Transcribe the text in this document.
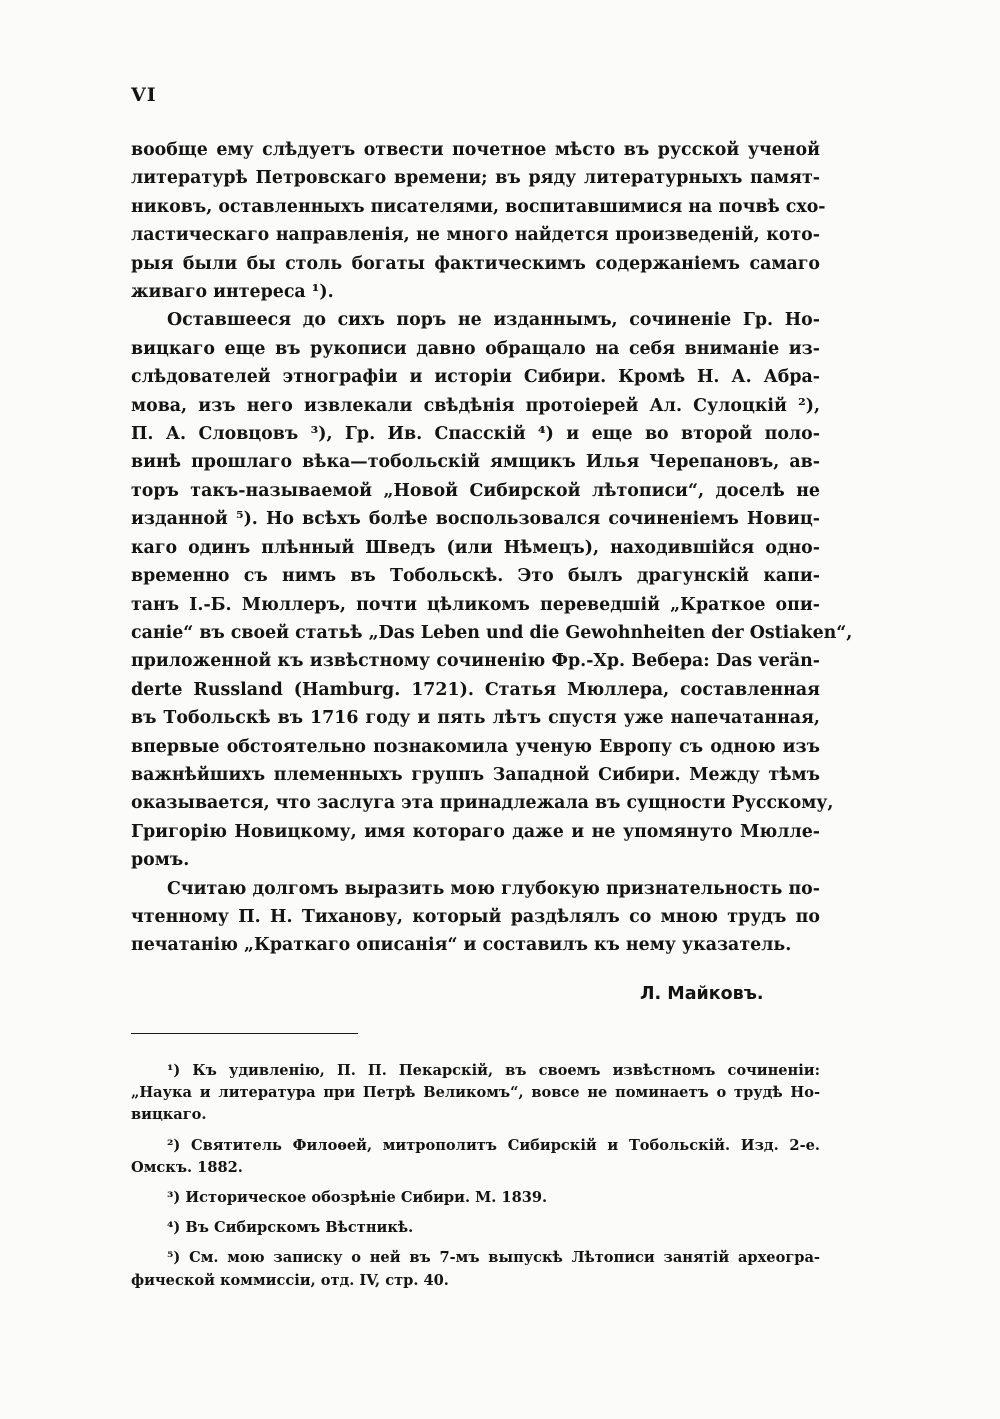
VI

вообще ему слѣдуетъ отвести почетное мѣсто въ русской ученой
литературѣ Петровскаго времени; въ ряду литературныхъ памят-
никовъ, оставленныхъ писателями, воспитавшимися на почвѣ схо-
ластическаго направленія, не много найдется произведеній, кото-
рыя были бы столь богаты фактическимъ содержаніемъ самаго
живаго интереса ¹).

Оставшееся до сихъ поръ не изданнымъ, сочиненіе Гр. Но-
вицкаго еще въ рукописи давно обращало на себя вниманіе из-
слѣдователей этнографіи и исторіи Сибири. Кромѣ Н. А. Абра-
мова, изъ него извлекали свѣдѣнія протоіерей Ал. Сулоцкій ²),
П. А. Словцовъ ³), Гр. Ив. Спасскій ⁴) и еще во второй поло-
винѣ прошлаго вѣка—тобольскій ямщикъ Илья Черепановъ, ав-
торъ такъ-называемой „Новой Сибирской лѣтописи“, доселѣ не
изданной ⁵). Но всѣхъ болѣе воспользовался сочиненіемъ Новиц-
каго одинъ плѣнный Шведъ (или Нѣмецъ), находившійся одно-
временно съ нимъ въ Тобольскѣ. Это былъ драгунскій капи-
танъ І.-Б. Мюллеръ, почти цѣликомъ переведшій „Краткое опи-
саніе“ въ своей статьѣ „Das Leben und die Gewohnheiten der Ostiaken“,
приложенной къ извѣстному сочиненію Фр.-Хр. Вебера: Das verän-
derte Russland (Hamburg. 1721). Статья Мюллера, составленная
въ Тобольскѣ въ 1716 году и пять лѣтъ спустя уже напечатанная,
впервые обстоятельно познакомила ученую Европу съ одною изъ
важнѣйшихъ племенныхъ группъ Западной Сибири. Между тѣмъ
оказывается, что заслуга эта принадлежала въ сущности Русскому,
Григорію Новицкому, имя котораго даже и не упомянуто Мюлле-
ромъ.

Считаю долгомъ выразить мою глубокую признательность по-
чтенному П. Н. Тиханову, который раздѣлялъ со мною трудъ по
печатанію „Краткаго описанія“ и составилъ къ нему указатель.

Л. Майковъ.
¹) Къ удивленію, П. П. Пекарскій, въ своемъ извѣстномъ сочиненіи:
„Наука и литература при Петрѣ Великомъ“, вовсе не поминаетъ о трудѣ Но-
вицкаго.
²) Святитель Филоѳей, митрополитъ Сибирскій и Тобольскій. Изд. 2-е.
Омскъ. 1882.
³) Историческое обозрѣніе Сибири. М. 1839.
⁴) Въ Сибирскомъ Вѣстникѣ.
⁵) См. мою записку о ней въ 7-мъ выпускѣ Лѣтописи занятій археогра-
фической коммиссіи, отд. IV, стр. 40.
